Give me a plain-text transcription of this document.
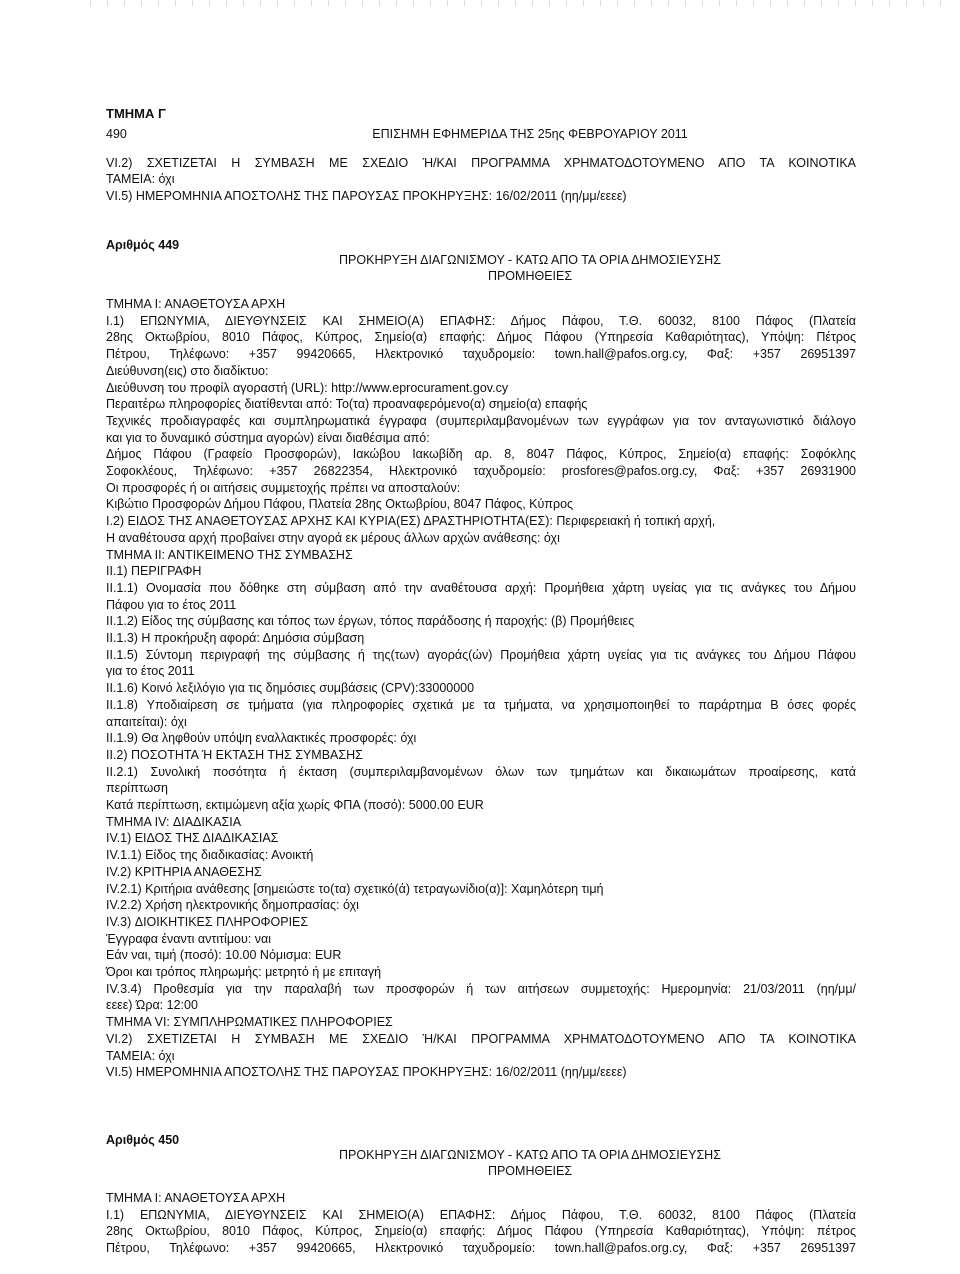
ΤΜΗΜΑ Γ
490	ΕΠΙΣΗΜΗ ΕΦΗΜΕΡΙΔΑ ΤΗΣ 25ης ΦΕΒΡΟΥΑΡΙΟΥ 2011
VI.2) ΣΧΕΤΙΖΕΤΑΙ Η ΣΥΜΒΑΣΗ ΜΕ ΣΧΕΔΙΟ Ή/ΚΑΙ ΠΡΟΓΡΑΜΜΑ ΧΡΗΜΑΤΟΔΟΤΟΥΜΕΝΟ ΑΠΟ ΤΑ ΚΟΙΝΟΤΙΚΑ
ΤΑΜΕΙΑ: όχι
VI.5) ΗΜΕΡΟΜΗΝΙΑ ΑΠΟΣΤΟΛΗΣ ΤΗΣ ΠΑΡΟΥΣΑΣ ΠΡΟΚΗΡΥΞΗΣ: 16/02/2011 (ηη/μμ/εεεε)
Αριθμός 449
ΠΡΟΚΗΡΥΞΗ ΔΙΑΓΩΝΙΣΜΟΥ - ΚΑΤΩ ΑΠΟ ΤΑ ΟΡΙΑ ΔΗΜΟΣΙΕΥΣΗΣ
ΠΡΟΜΗΘΕΙΕΣ
ΤΜΗΜΑ Ι: ΑΝΑΘΕΤΟΥΣΑ ΑΡΧΗ
I.1) ΕΠΩΝΥΜΙΑ, ΔΙΕΥΘΥΝΣΕΙΣ ΚΑΙ ΣΗΜΕΙΟ(Α) ΕΠΑΦΗΣ: Δήμος Πάφου, Τ.Θ. 60032, 8100 Πάφος (Πλατεία
28ης Οκτωβρίου, 8010 Πάφος, Κύπρος, Σημείο(α) επαφής: Δήμος Πάφου (Υπηρεσία Καθαριότητας), Υπόψη: Πέτρος
Πέτρου, Τηλέφωνο: +357 99420665, Ηλεκτρονικό ταχυδρομείο: town.hall@pafos.org.cy, Φαξ: +357 26951397
Διεύθυνση(εις) στο διαδίκτυο:
Διεύθυνση του προφίλ αγοραστή (URL): http://www.eprocurament.gov.cy
Περαιτέρω πληροφορίες διατίθενται από: Το(τα) προαναφερόμενο(α) σημείο(α) επαφής
Τεχνικές προδιαγραφές και συμπληρωματικά έγγραφα (συμπεριλαμβανομένων των εγγράφων για τον ανταγωνιστικό διάλογο
και για το δυναμικό σύστημα αγορών) είναι διαθέσιμα από:
Δήμος Πάφου (Γραφείο Προσφορών), Ιακώβου Ιακωβίδη αρ. 8, 8047 Πάφος, Κύπρος, Σημείο(α) επαφής: Σοφόκλης
Σοφοκλέους, Τηλέφωνο: +357 26822354, Ηλεκτρονικό ταχυδρομείο: prosfores@pafos.org.cy, Φαξ: +357 26931900
Οι προσφορές ή οι αιτήσεις συμμετοχής πρέπει να αποσταλούν:
Κιβώτιο Προσφορών Δήμου Πάφου, Πλατεία 28ης Οκτωβρίου, 8047 Πάφος, Κύπρος
I.2) ΕΙΔΟΣ ΤΗΣ ΑΝΑΘΕΤΟΥΣΑΣ ΑΡΧΗΣ ΚΑΙ ΚΥΡΙΑ(ΕΣ) ΔΡΑΣΤΗΡΙΟΤΗΤΑ(ΕΣ): Περιφερειακή ή τοπική αρχή,
Η αναθέτουσα αρχή προβαίνει στην αγορά εκ μέρους άλλων αρχών ανάθεσης: όχι
ΤΜΗΜΑ ΙΙ: ΑΝΤΙΚΕΙΜΕΝΟ ΤΗΣ ΣΥΜΒΑΣΗΣ
II.1) ΠΕΡΙΓΡΑΦΗ
II.1.1) Ονομασία που δόθηκε στη σύμβαση από την αναθέτουσα αρχή: Προμήθεια χάρτη υγείας για τις ανάγκες του Δήμου
Πάφου για το έτος 2011
II.1.2) Είδος της σύμβασης και τόπος των έργων, τόπος παράδοσης ή παροχής: (β) Προμήθειες
II.1.3) Η προκήρυξη αφορά: Δημόσια σύμβαση
II.1.5) Σύντομη περιγραφή της σύμβασης ή της(των) αγοράς(ών) Προμήθεια χάρτη υγείας για τις ανάγκες του Δήμου Πάφου
για το έτος 2011
II.1.6) Κοινό λεξιλόγιο για τις δημόσιες συμβάσεις (CPV):33000000
II.1.8) Υποδιαίρεση σε τμήματα (για πληροφορίες σχετικά με τα τμήματα, να χρησιμοποιηθεί το παράρτημα Β όσες φορές
απαιτείται): όχι
II.1.9) Θα ληφθούν υπόψη εναλλακτικές προσφορές: όχι
II.2) ΠΟΣΟΤΗΤΑ Ή ΕΚΤΑΣΗ ΤΗΣ ΣΥΜΒΑΣΗΣ
II.2.1) Συνολική ποσότητα ή έκταση (συμπεριλαμβανομένων όλων των τμημάτων και δικαιωμάτων προαίρεσης, κατά
περίπτωση
Κατά περίπτωση, εκτιμώμενη αξία χωρίς ΦΠΑ (ποσό): 5000.00 EUR
ΤΜΗΜΑ IV: ΔΙΑΔΙΚΑΣΙΑ
IV.1) ΕΙΔΟΣ ΤΗΣ ΔΙΑΔΙΚΑΣΙΑΣ
IV.1.1) Είδος της διαδικασίας: Ανοικτή
IV.2) ΚΡΙΤΗΡΙΑ ΑΝΑΘΕΣΗΣ
IV.2.1) Κριτήρια ανάθεσης [σημειώστε το(τα) σχετικό(ά) τετραγωνίδιο(α)]: Χαμηλότερη τιμή
IV.2.2) Χρήση ηλεκτρονικής δημοπρασίας: όχι
IV.3) ΔΙΟΙΚΗΤΙΚΕΣ ΠΛΗΡΟΦΟΡΙΕΣ
Έγγραφα έναντι αντιτίμου: ναι
Εάν ναι, τιμή (ποσό): 10.00 Νόμισμα: EUR
Όροι και τρόπος πληρωμής: μετρητό ή με επιταγή
IV.3.4) Προθεσμία για την παραλαβή των προσφορών ή των αιτήσεων συμμετοχής: Ημερομηνία: 21/03/2011 (ηη/μμ/
εεεε) Ώρα: 12:00
ΤΜΗΜΑ VI: ΣΥΜΠΛΗΡΩΜΑΤΙΚΕΣ ΠΛΗΡΟΦΟΡΙΕΣ
VI.2) ΣΧΕΤΙΖΕΤΑΙ Η ΣΥΜΒΑΣΗ ΜΕ ΣΧΕΔΙΟ Ή/ΚΑΙ ΠΡΟΓΡΑΜΜΑ ΧΡΗΜΑΤΟΔΟΤΟΥΜΕΝΟ ΑΠΟ ΤΑ ΚΟΙΝΟΤΙΚΑ
ΤΑΜΕΙΑ: όχι
VI.5) ΗΜΕΡΟΜΗΝΙΑ ΑΠΟΣΤΟΛΗΣ ΤΗΣ ΠΑΡΟΥΣΑΣ ΠΡΟΚΗΡΥΞΗΣ: 16/02/2011 (ηη/μμ/εεεε)
Αριθμός 450
ΠΡΟΚΗΡΥΞΗ ΔΙΑΓΩΝΙΣΜΟΥ - ΚΑΤΩ ΑΠΟ ΤΑ ΟΡΙΑ ΔΗΜΟΣΙΕΥΣΗΣ
ΠΡΟΜΗΘΕΙΕΣ
ΤΜΗΜΑ Ι: ΑΝΑΘΕΤΟΥΣΑ ΑΡΧΗ
I.1) ΕΠΩΝΥΜΙΑ, ΔΙΕΥΘΥΝΣΕΙΣ ΚΑΙ ΣΗΜΕΙΟ(Α) ΕΠΑΦΗΣ: Δήμος Πάφου, Τ.Θ. 60032, 8100 Πάφος (Πλατεία
28ης Οκτωβρίου, 8010 Πάφος, Κύπρος, Σημείο(α) επαφής: Δήμος Πάφου (Υπηρεσία Καθαριότητας), Υπόψη: πέτρος
Πέτρου, Τηλέφωνο: +357 99420665, Ηλεκτρονικό ταχυδρομείο: town.hall@pafos.org.cy, Φαξ: +357 26951397
